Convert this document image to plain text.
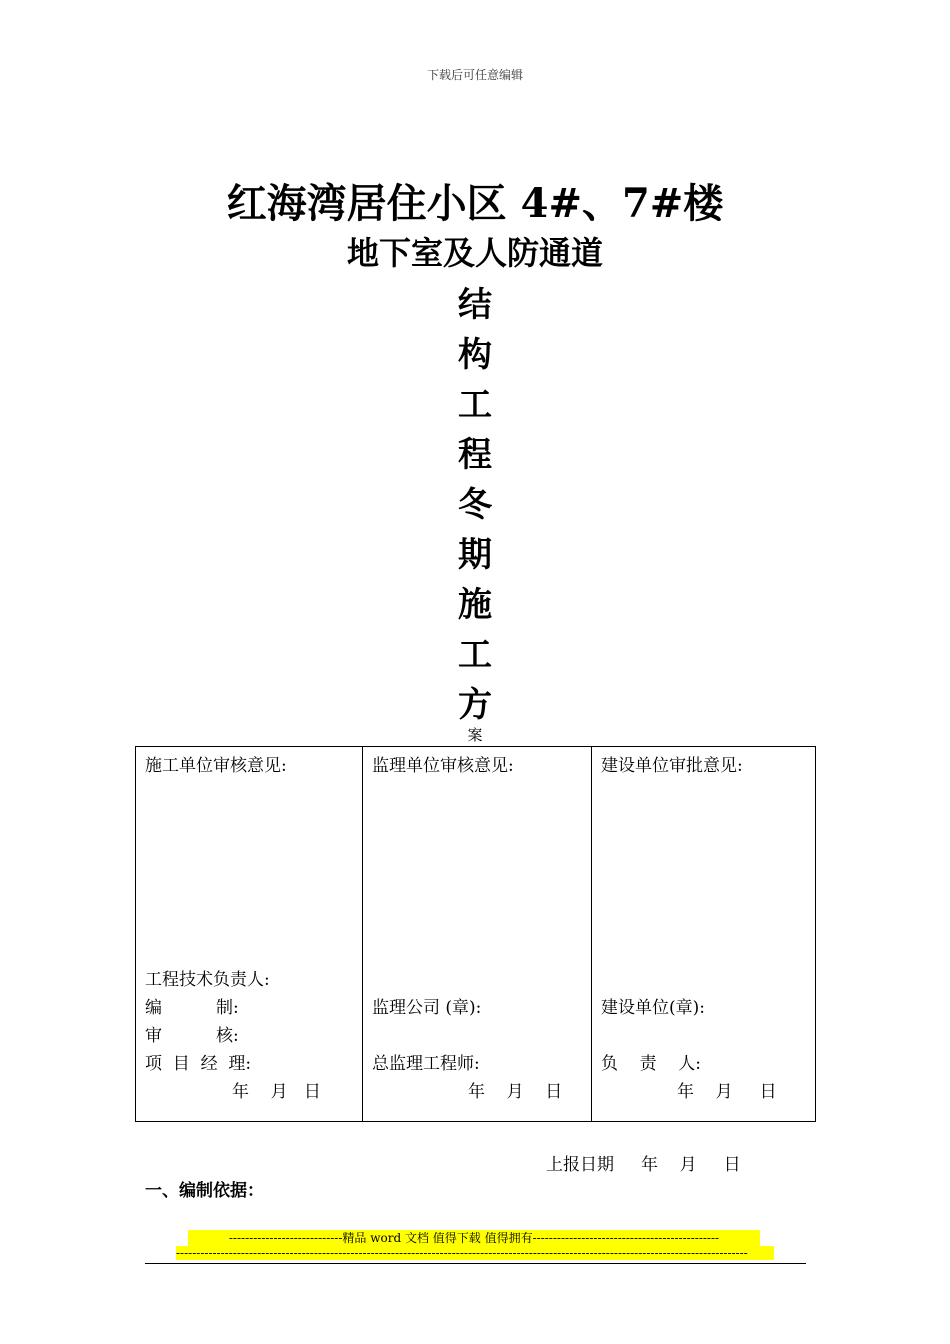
下载后可任意编辑
红海湾居住小区 4#、7#楼
地下室及人防通道
结
构
工
程
冬
期
施
工
方
案
施工单位审核意见:
工程技术负责人:
编          制:
审          核:
项  目  经  理:
年    月   日
监理单位审核意见:
监理公司 (章):
总监理工程师:
年    月    日
建设单位审批意见:
建设单位(章):
负    责    人:
年    月     日
上报日期     年    月     日
一、编制依据：
----------------------------精品 word 文档 值得下载 值得拥有----------------------------------------------
---------------------------------------------------------------------------------------------------------------------------------------------
